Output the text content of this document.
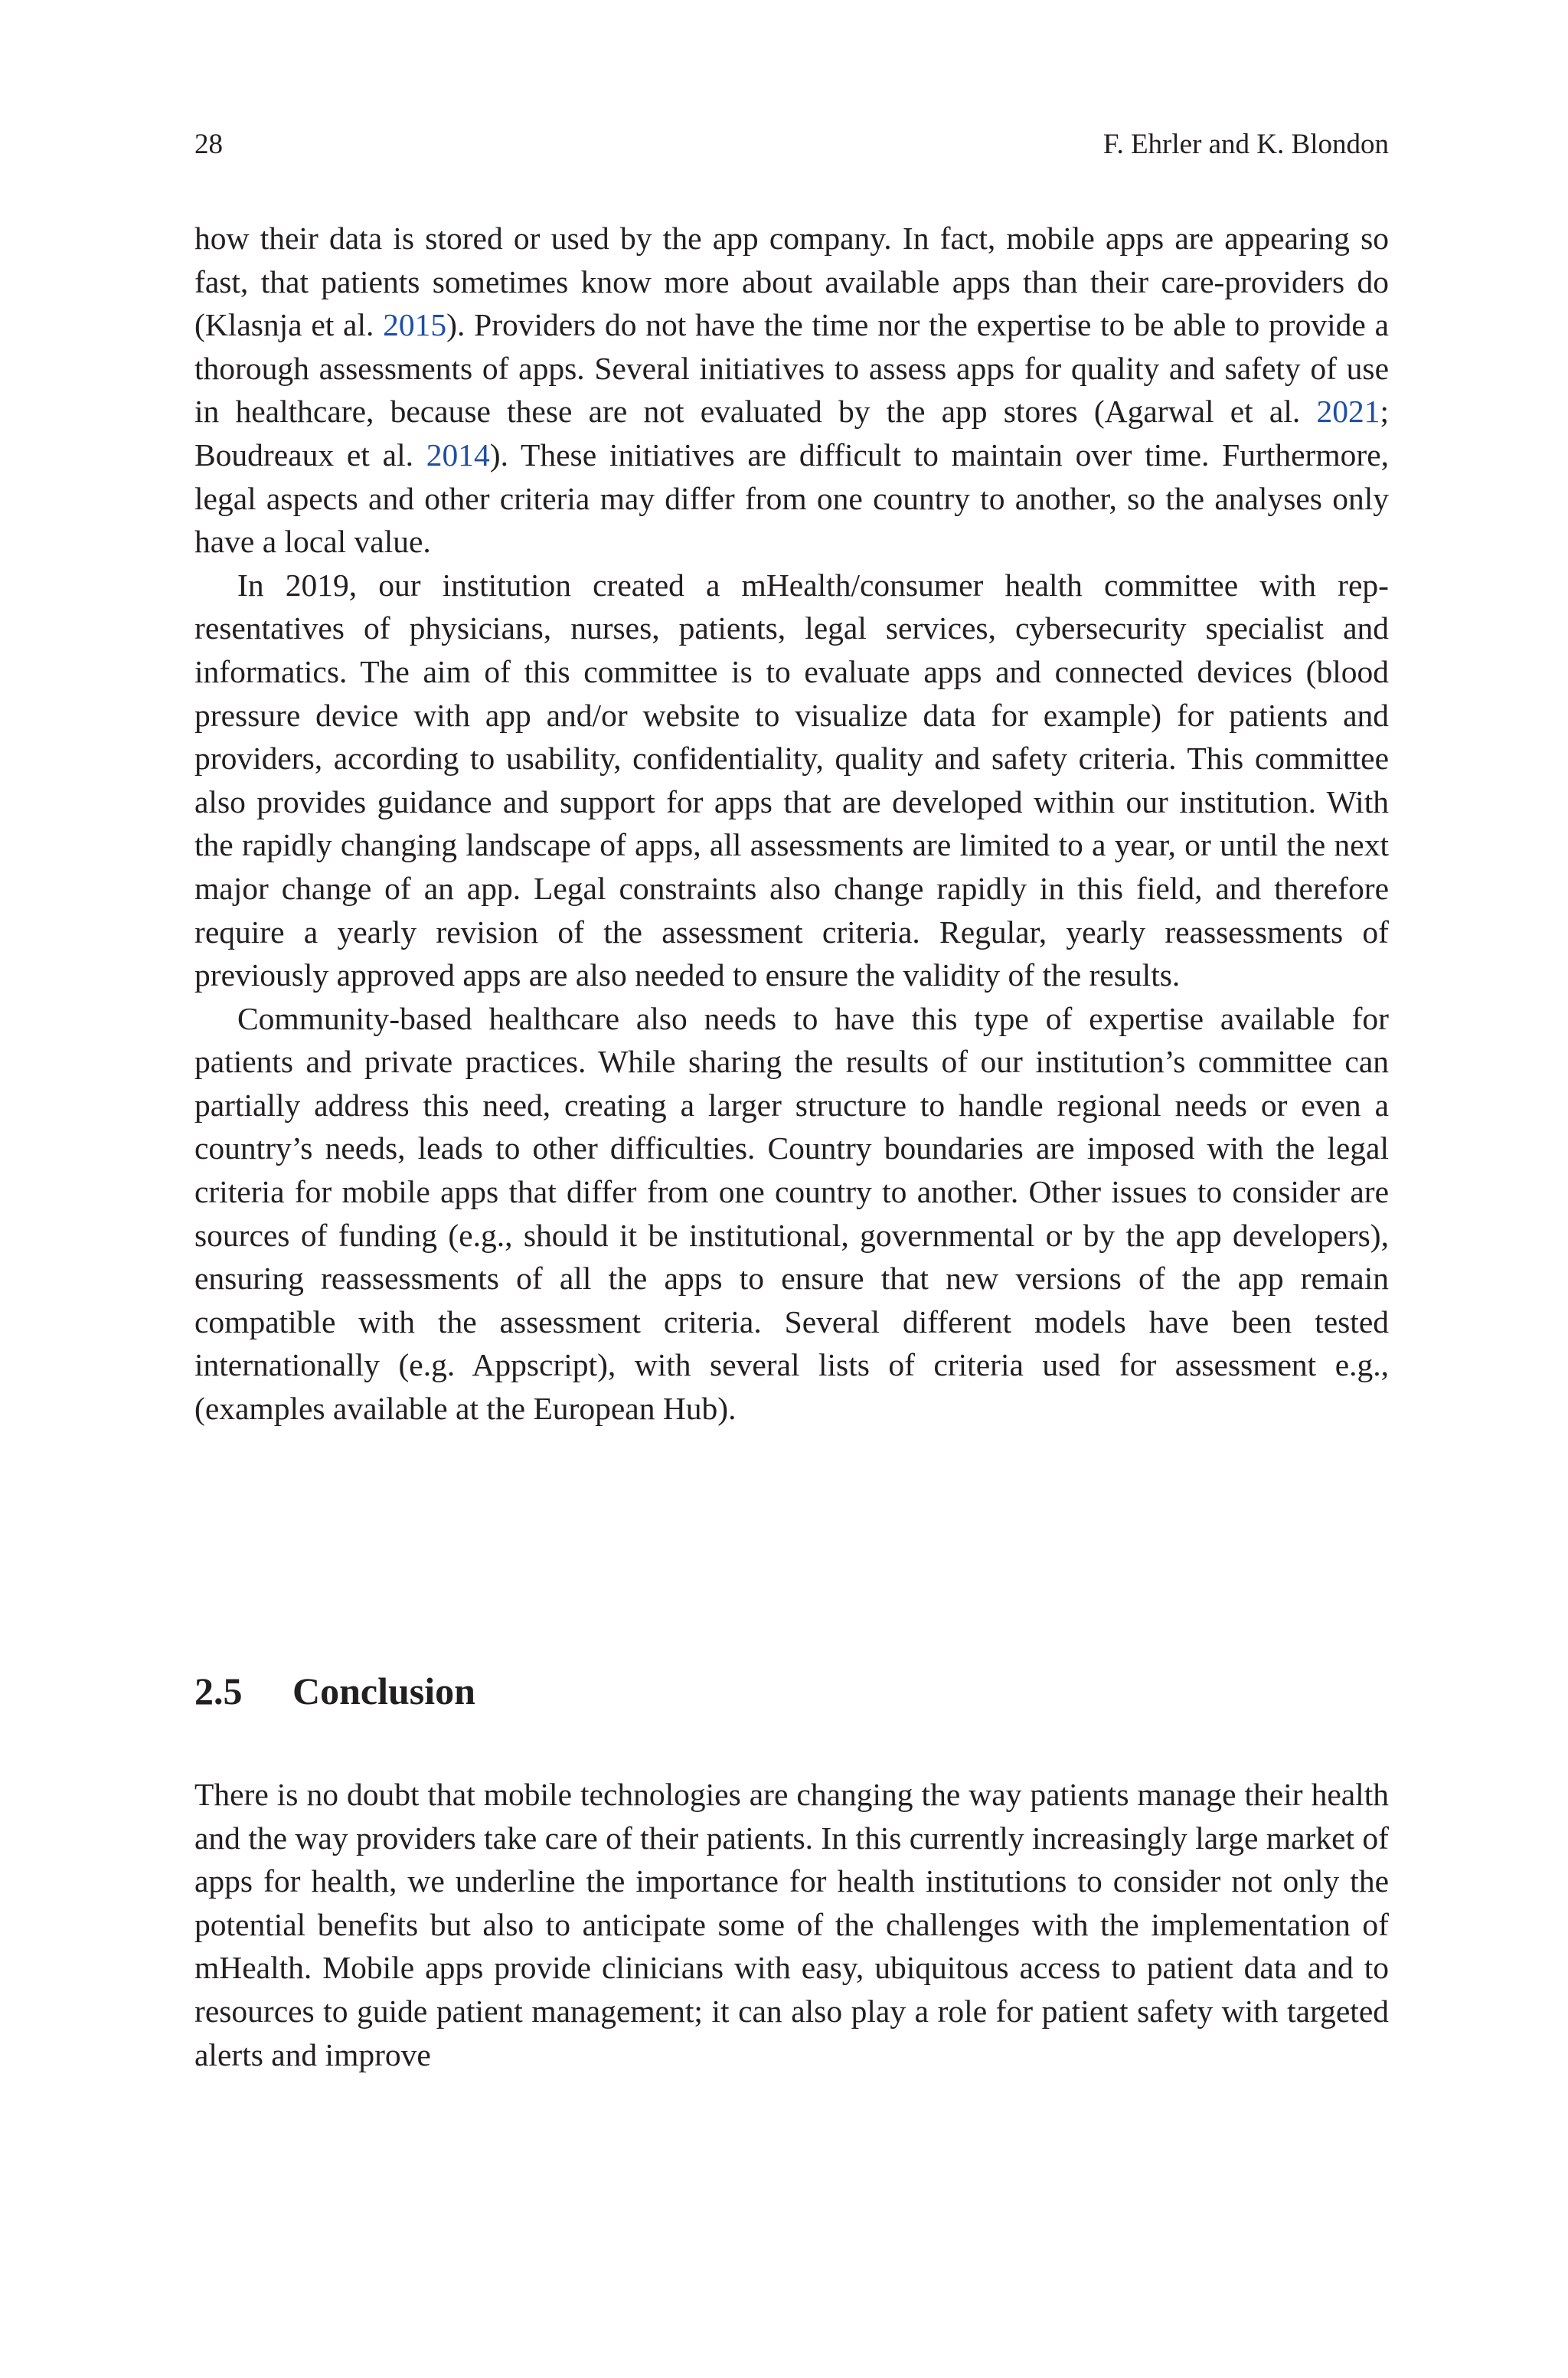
28	F. Ehrler and K. Blondon

how their data is stored or used by the app company. In fact, mobile apps are appearing so fast, that patients sometimes know more about available apps than their care-providers do (Klasnja et al. 2015). Providers do not have the time nor the expertise to be able to provide a thorough assessments of apps. Several initiatives to assess apps for quality and safety of use in healthcare, because these are not evaluated by the app stores (Agarwal et al. 2021; Boudreaux et al. 2014). These initiatives are difficult to maintain over time. Furthermore, legal aspects and other criteria may differ from one country to another, so the analyses only have a local value.

In 2019, our institution created a mHealth/consumer health committee with representatives of physicians, nurses, patients, legal services, cybersecurity specialist and informatics. The aim of this committee is to evaluate apps and connected devices (blood pressure device with app and/or website to visualize data for example) for patients and providers, according to usability, confidentiality, quality and safety criteria. This committee also provides guidance and support for apps that are developed within our institution. With the rapidly changing landscape of apps, all assessments are limited to a year, or until the next major change of an app. Legal constraints also change rapidly in this field, and therefore require a yearly revision of the assessment criteria. Regular, yearly reassessments of previously approved apps are also needed to ensure the validity of the results.

Community-based healthcare also needs to have this type of expertise available for patients and private practices. While sharing the results of our institution’s committee can partially address this need, creating a larger structure to handle regional needs or even a country’s needs, leads to other difficulties. Country boundaries are imposed with the legal criteria for mobile apps that differ from one country to another. Other issues to consider are sources of funding (e.g., should it be institutional, governmental or by the app developers), ensuring reassessments of all the apps to ensure that new versions of the app remain compatible with the assessment criteria. Several different models have been tested internationally (e.g. Appscript), with several lists of criteria used for assessment e.g., (examples available at the European Hub).

2.5 Conclusion

There is no doubt that mobile technologies are changing the way patients manage their health and the way providers take care of their patients. In this currently increasingly large market of apps for health, we underline the importance for health institutions to consider not only the potential benefits but also to anticipate some of the challenges with the implementation of mHealth. Mobile apps provide clinicians with easy, ubiquitous access to patient data and to resources to guide patient management; it can also play a role for patient safety with targeted alerts and improve
